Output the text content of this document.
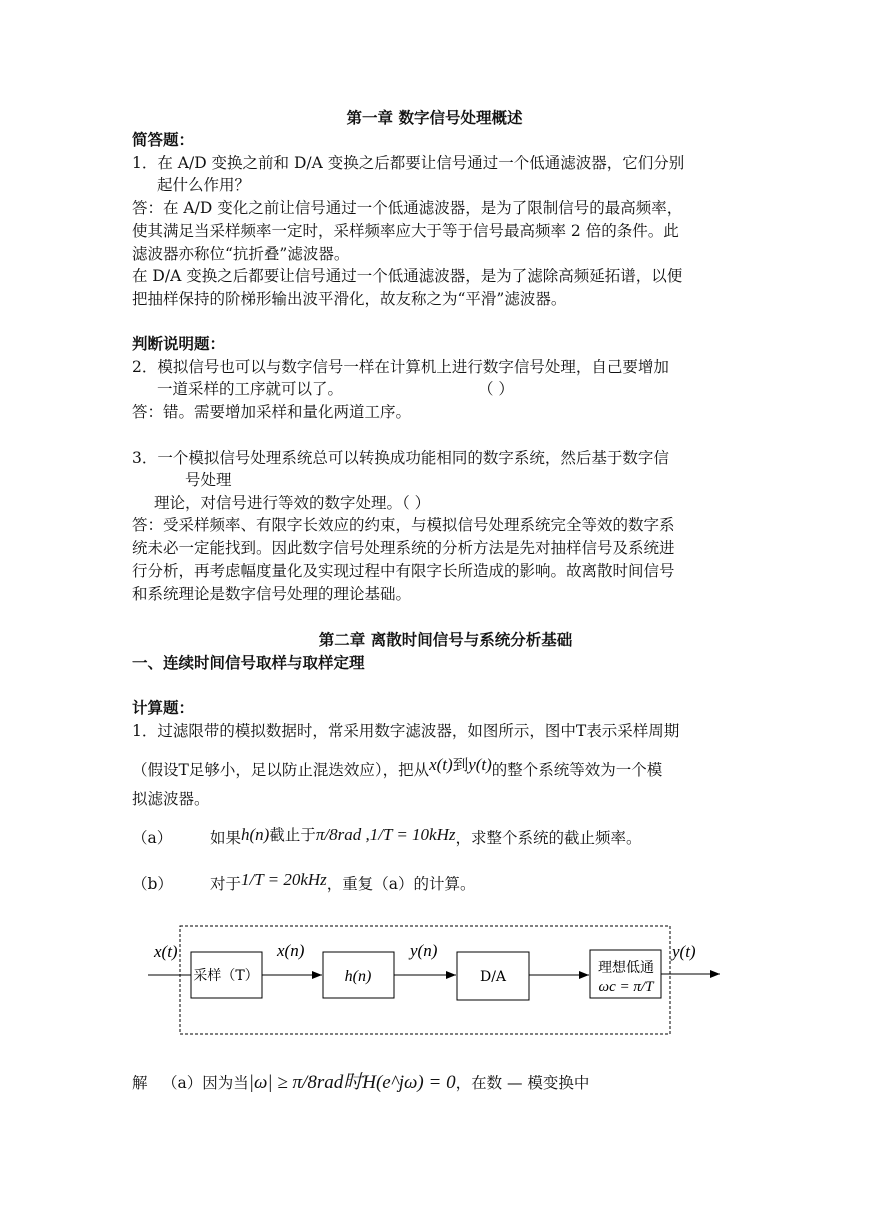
第一章 数字信号处理概述
简答题：
1．在 A/D 变换之前和 D/A 变换之后都要让信号通过一个低通滤波器，它们分别
起什么作用？
答：在 A/D 变化之前让信号通过一个低通滤波器，是为了限制信号的最高频率，
使其满足当采样频率一定时，采样频率应大于等于信号最高频率 2 倍的条件。此
滤波器亦称位“抗折叠”滤波器。
在 D/A 变换之后都要让信号通过一个低通滤波器，是为了滤除高频延拓谱，以便
把抽样保持的阶梯形输出波平滑化，故友称之为“平滑”滤波器。
判断说明题：
2．模拟信号也可以与数字信号一样在计算机上进行数字信号处理，自己要增加
一道采样的工序就可以了。	（ ）
答：错。需要增加采样和量化两道工序。
3．一个模拟信号处理系统总可以转换成功能相同的数字系统，然后基于数字信
号处理
理论，对信号进行等效的数字处理。（ ）
答：受采样频率、有限字长效应的约束，与模拟信号处理系统完全等效的数字系
统未必一定能找到。因此数字信号处理系统的分析方法是先对抽样信号及系统进
行分析，再考虑幅度量化及实现过程中有限字长所造成的影响。故离散时间信号
和系统理论是数字信号处理的理论基础。
第二章 离散时间信号与系统分析基础
一、连续时间信号取样与取样定理
计算题：
1．过滤限带的模拟数据时，常采用数字滤波器，如图所示，图中T表示采样周期
（假设T足够小，足以防止混迭效应），把从x(t)到y(t)的整个系统等效为一个模
拟滤波器。
（a） 如果h(n)截止于π/8rad ,1/T = 10kHz，求整个系统的截止频率。
（b） 对于1/T = 20kHz，重复（a）的计算。
x(t)
采样（T）
x(n)
h(n)
y(n)
D/A
理想低通
ωc = π/T
y(t)
解 （a）因为当|ω| ≥ π/8rad时H(e^jω) = 0，在数 — 模变换中
